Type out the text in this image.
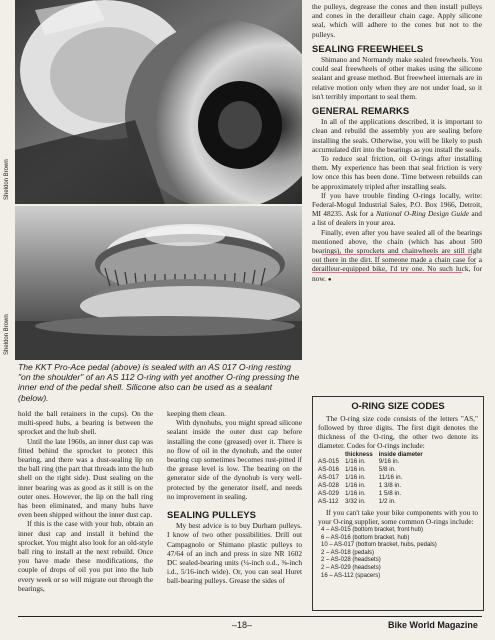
Sheldon Brown
Sheldon Brown
The KKT Pro-Ace pedal (above) is sealed with an AS 017 O-ring resting "on the shoulder" of an AS 112 O-ring with yet another O-ring pressing the inner end of the pedal shell. Silicone also can be used as a sealant (below).

the pulleys, degrease the cones and then install pulleys and cones in the derailleur chain cage. Apply silicone seal, which will adhere to the cones but not to the pulleys.

SEALING FREEWHEELS

Shimano and Normandy make sealed freewheels. You could seal freewheels of other makes using the silicone sealant and grease method. But freewheel internals are in relative motion only when they are not under load, so it isn't terribly important to seal them.

GENERAL REMARKS

In all of the applications described, it is important to clean and rebuild the assembly you are sealing before installing the seals. Otherwise, you will be likely to push accumulated dirt into the bearings as you install the seals.

To reduce seal friction, oil O-rings after installing them. My experience has been that seal friction is very low once this has been done. Time between rebuilds can be approximately tripled after installing seals.

If you have trouble finding O-rings locally, write: Federal-Mogul Industrial Sales, P.O. Box 1966, Detroit, MI 48235. Ask for a National O-Ring Design Guide and a list of dealers in your area.

Finally, even after you have sealed all of the bearings mentioned above, the chain (which has about 500 bearings), the sprockets and chainwheels are still right out there in the dirt. If someone made a chain case for a derailleur-equipped bike, I'd try one. No such luck, for now. ●

hold the ball retainers in the cups). On the multi-speed hubs, a bearing is between the sprocket and the hub shell.

Until the late 1960s, an inner dust cap was fitted behind the sprocket to protect this bearing, and there was a dust-sealing lip on the ball ring (the part that threads into the hub shell on the right side). Dust sealing on the inner bearing was as good as it still is on the outer ones. However, the lip on the ball ring has been eliminated, and many hubs have even been shipped without the inner dust cap.

If this is the case with your hub, obtain an inner dust cap and install it behind the sprocket. You might also look for an old-style ball ring to install at the next rebuild. Once you have made these modifications, the couple of drops of oil you put into the hub every week or so will migrate out through the bearings,

keeping them clean.

With dynohubs, you might spread silicone sealant inside the outer dust cap before installing the cone (greased) over it. There is no flow of oil in the dynohub, and the outer bearing cup sometimes becomes rust-pitted if the grease level is low. The bearing on the generator side of the dynohub is very well-protected by the generator itself, and needs no improvement in sealing.

SEALING PULLEYS

My best advice is to buy Durham pulleys. I know of two other possibilities. Drill out Campagnolo or Shimano plastic pulleys to 47/64 of an inch and press in size NR 1602 DC sealed-bearing units (¼-inch o.d., ⅜-inch i.d., 5/16-inch wide). Or, you can seal Huret ball-bearing pulleys. Grease the sides of

O-RING SIZE CODES

The O-ring size code consists of the letters "AS," followed by three digits. The first digit denotes the thickness of the O-ring, the other two denote its diameter. Codes for O-rings include:

	thickness	inside diameter
AS-015	1/16 in.	9/16 in.
AS-016	1/16 in.	5/8 in.
AS-017	1/16 in.	11/16 in.
AS-028	1/16 in.	1 3/8 in.
AS-029	1/16 in.	1 5/8 in.
AS-112	3/32 in.	1/2 in.

If you can't take your bike components with you to your O-ring supplier, some common O-rings include:

4 – AS-015 (bottom bracket, front hub)
6 – AS-016 (bottom bracket, hub)
10 – AS-017 (bottom bracket, hubs, pedals)
2 – AS-018 (pedals)
2 – AS-028 (headsets)
2 – AS-029 (headsets)
16 – AS-112 (spacers)
–18–	Bike World Magazine
